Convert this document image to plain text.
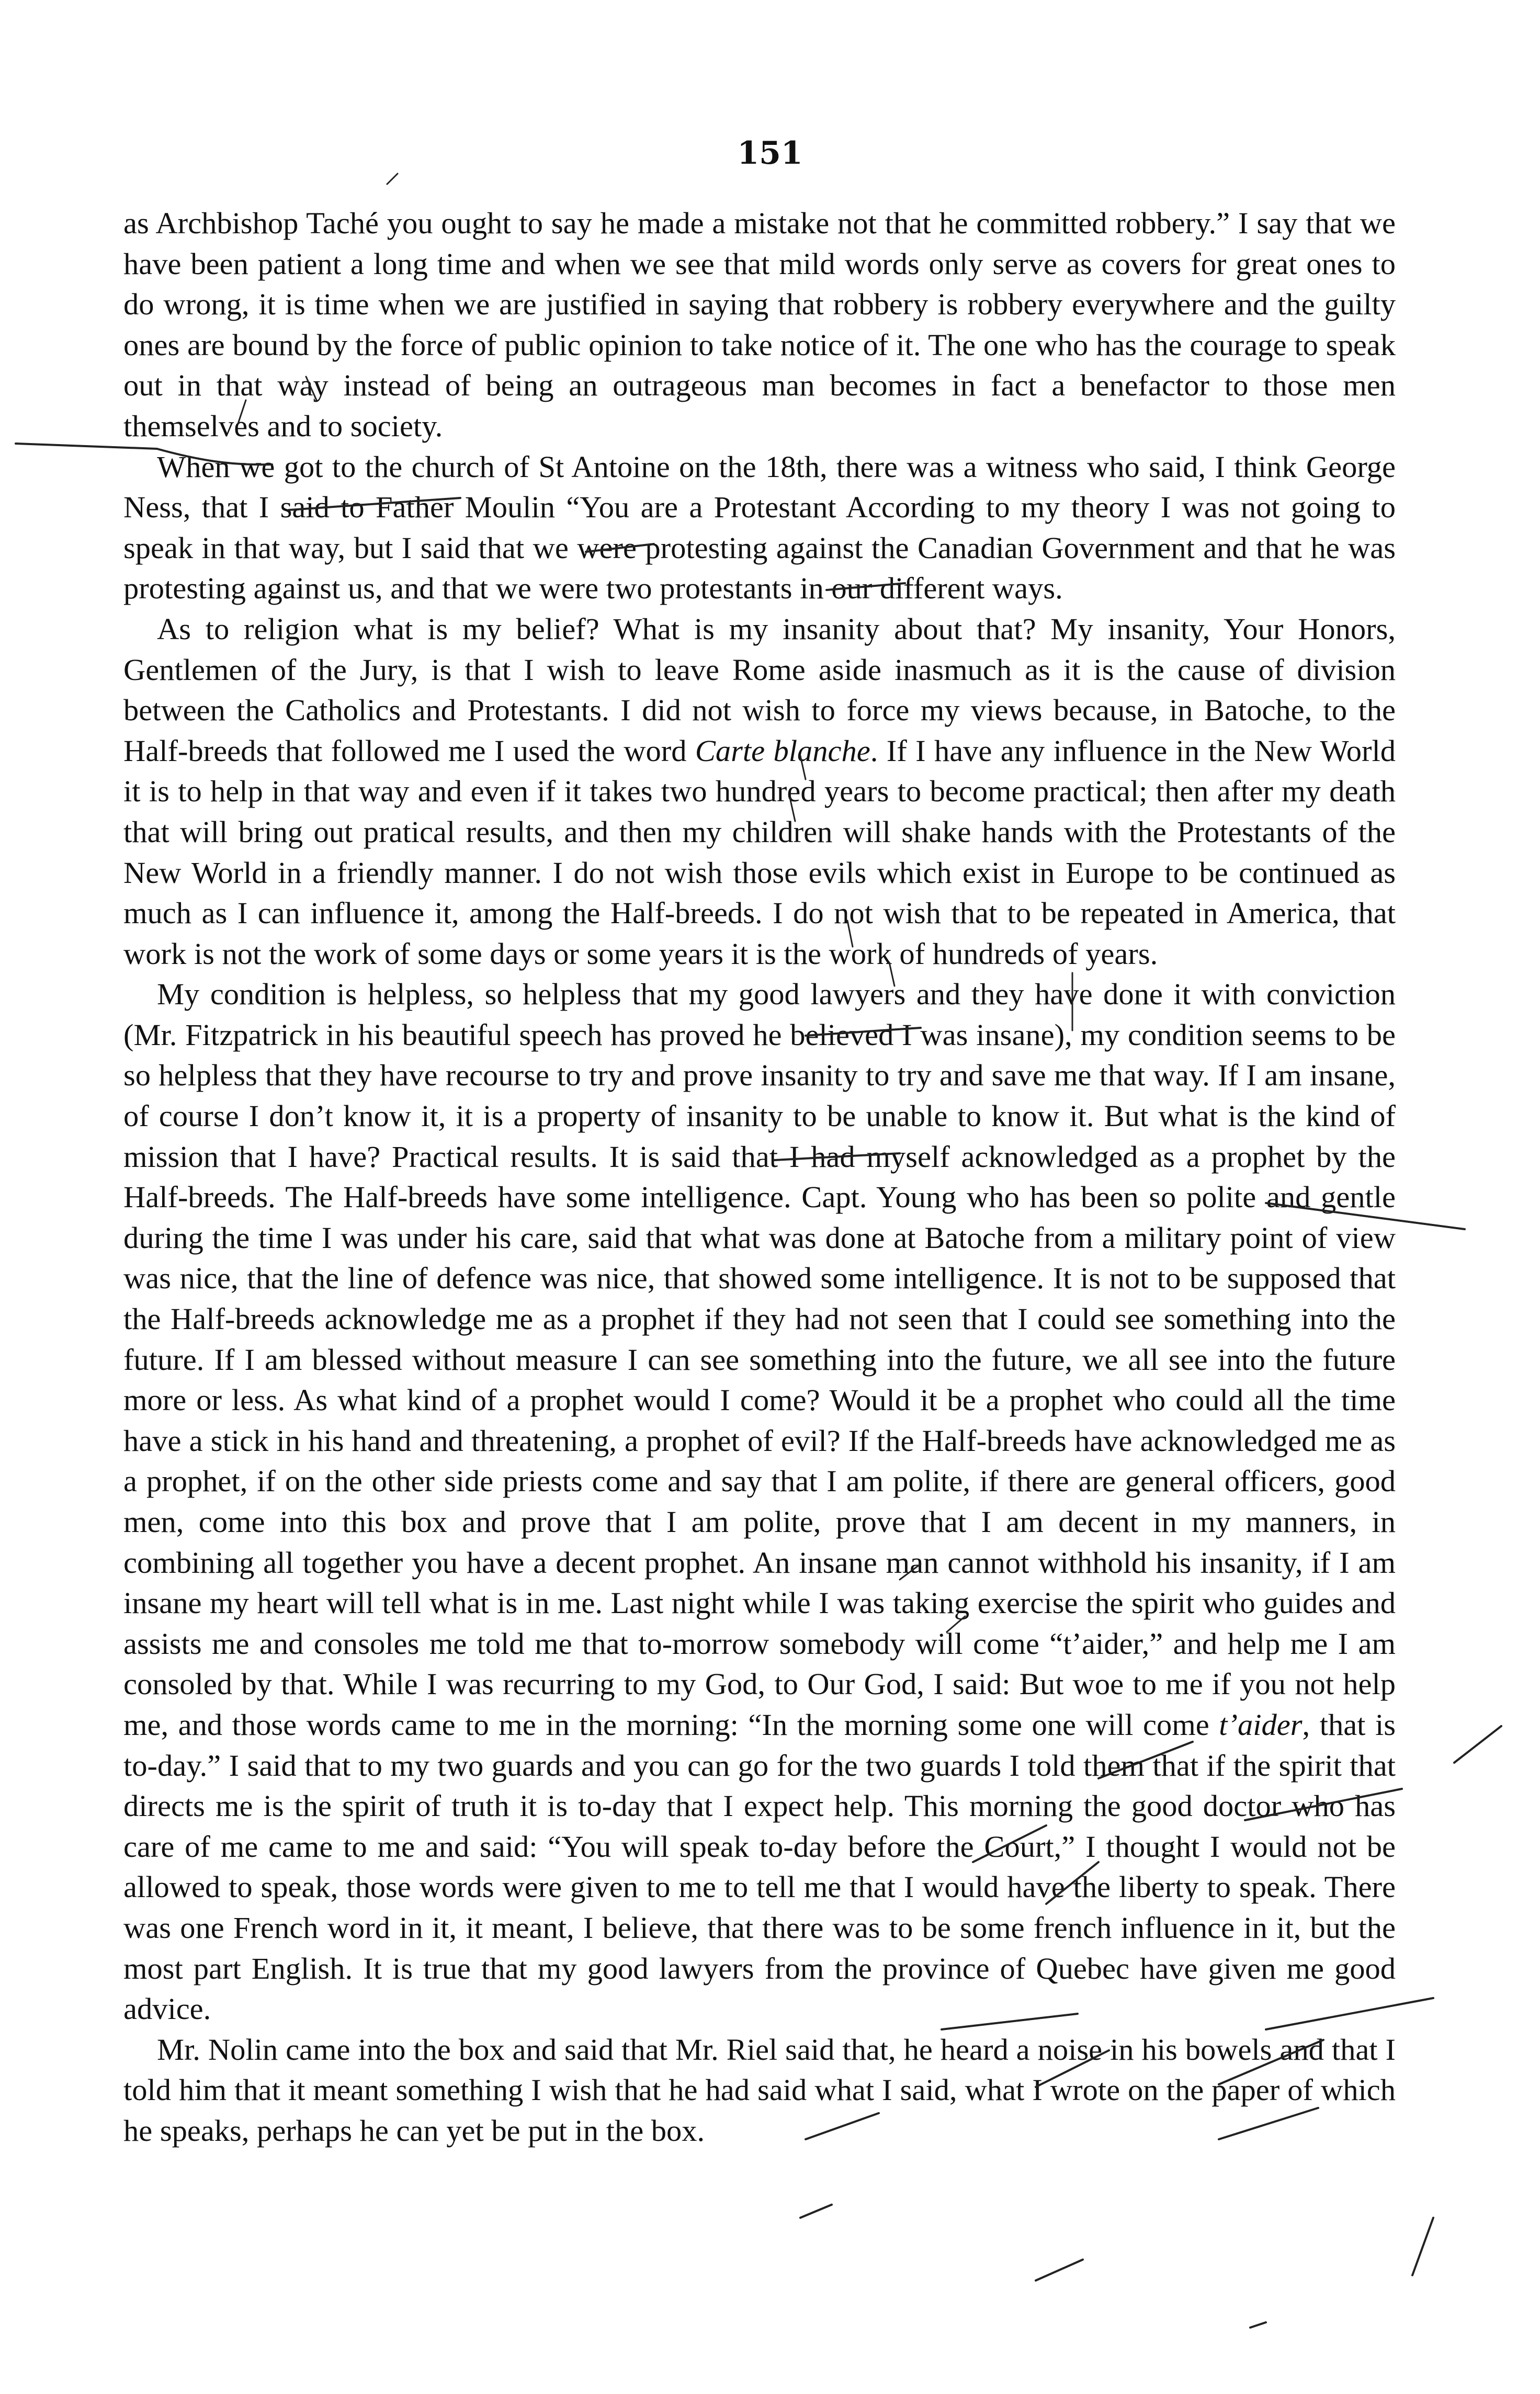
151

as Archbishop Taché you ought to say he made a mistake not that he committed robbery.” I say that we have been patient a long time and when we see that mild words only serve as covers for great ones to do wrong, it is time when we are justified in saying that robbery is robbery everywhere and the guilty ones are bound by the force of public opinion to take notice of it. The one who has the courage to speak out in that way instead of being an outrageous man becomes in fact a benefactor to those men themselves and to society.

When we got to the church of St Antoine on the 18th, there was a witness who said, I think George Ness, that I said to Father Moulin “You are a Protestant According to my theory I was not going to speak in that way, but I said that we were protesting against the Canadian Government and that he was protesting against us, and that we were two protestants in our different ways.

As to religion what is my belief? What is my insanity about that? My insanity, Your Honors, Gentlemen of the Jury, is that I wish to leave Rome aside inasmuch as it is the cause of division between the Catholics and Protestants. I did not wish to force my views because, in Batoche, to the Half-breeds that followed me I used the word Carte blanche. If I have any influence in the New World it is to help in that way and even if it takes two hundred years to become practical; then after my death that will bring out pratical results, and then my children will shake hands with the Protestants of the New World in a friendly manner. I do not wish those evils which exist in Europe to be continued as much as I can influence it, among the Half-breeds. I do not wish that to be repeated in America, that work is not the work of some days or some years it is the work of hundreds of years.

My condition is helpless, so helpless that my good lawyers and they have done it with conviction (Mr. Fitzpatrick in his beautiful speech has proved he believed I was insane), my condition seems to be so helpless that they have recourse to try and prove insanity to try and save me that way. If I am insane, of course I don’t know it, it is a property of insanity to be unable to know it. But what is the kind of mission that I have? Practical results. It is said that I had myself acknowledged as a prophet by the Half-breeds. The Half-breeds have some intelligence. Capt. Young who has been so polite and gentle during the time I was under his care, said that what was done at Batoche from a military point of view was nice, that the line of defence was nice, that showed some intelligence. It is not to be supposed that the Half-breeds acknowledge me as a prophet if they had not seen that I could see something into the future. If I am blessed without measure I can see something into the future, we all see into the future more or less. As what kind of a prophet would I come? Would it be a prophet who could all the time have a stick in his hand and threatening, a prophet of evil? If the Half-breeds have acknowledged me as a prophet, if on the other side priests come and say that I am polite, if there are general officers, good men, come into this box and prove that I am polite, prove that I am decent in my manners, in combining all together you have a decent prophet. An insane man cannot withhold his insanity, if I am insane my heart will tell what is in me. Last night while I was taking exercise the spirit who guides and assists me and consoles me told me that to-morrow somebody will come “t’aider,” and help me I am consoled by that. While I was recurring to my God, to Our God, I said: But woe to me if you not help me, and those words came to me in the morning: “In the morning some one will come t’aider, that is to-day.” I said that to my two guards and you can go for the two guards I told them that if the spirit that directs me is the spirit of truth it is to-day that I expect help. This morning the good doctor who has care of me came to me and said: “You will speak to-day before the Court,” I thought I would not be allowed to speak, those words were given to me to tell me that I would have the liberty to speak. There was one French word in it, it meant, I believe, that there was to be some french influence in it, but the most part English. It is true that my good lawyers from the province of Quebec have given me good advice.

Mr. Nolin came into the box and said that Mr. Riel said that, he heard a noise in his bowels and that I told him that it meant something I wish that he had said what I said, what I wrote on the paper of which he speaks, perhaps he can yet be put in the box.
